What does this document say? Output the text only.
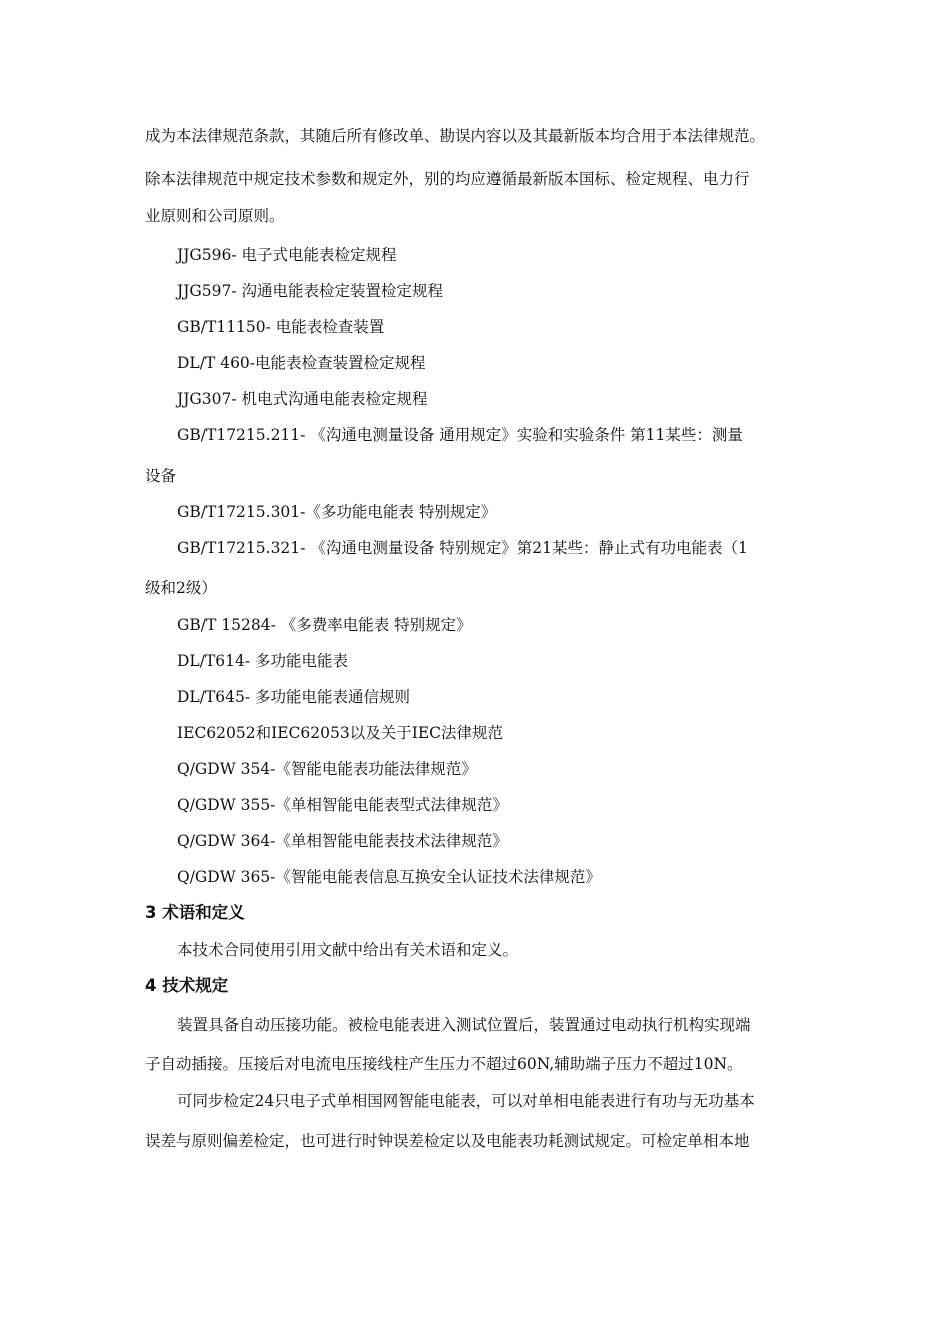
成为本法律规范条款，其随后所有修改单、勘误内容以及其最新版本均合用于本法律规范。
除本法律规范中规定技术参数和规定外，别的均应遵循最新版本国标、检定规程、电力行
业原则和公司原则。
JJG596- 电子式电能表检定规程
JJG597- 沟通电能表检定装置检定规程
GB/T11150- 电能表检查装置
DL/T 460-电能表检查装置检定规程
JJG307- 机电式沟通电能表检定规程
GB/T17215.211- 《沟通电测量设备 通用规定》实验和实验条件 第11某些：测量
设备
GB/T17215.301-《多功能电能表 特别规定》
GB/T17215.321- 《沟通电测量设备 特别规定》第21某些：静止式有功电能表（1
级和2级）
GB/T 15284- 《多费率电能表 特别规定》
DL/T614- 多功能电能表
DL/T645- 多功能电能表通信规则
IEC62052和IEC62053以及关于IEC法律规范
Q/GDW 354-《智能电能表功能法律规范》
Q/GDW 355-《单相智能电能表型式法律规范》
Q/GDW 364-《单相智能电能表技术法律规范》
Q/GDW 365-《智能电能表信息互换安全认证技术法律规范》
3 术语和定义
本技术合同使用引用文献中给出有关术语和定义。
4 技术规定
装置具备自动压接功能。被检电能表进入测试位置后，装置通过电动执行机构实现端
子自动插接。压接后对电流电压接线柱产生压力不超过60N,辅助端子压力不超过10N。
可同步检定24只电子式单相国网智能电能表，可以对单相电能表进行有功与无功基本
误差与原则偏差检定，也可进行时钟误差检定以及电能表功耗测试规定。可检定单相本地
